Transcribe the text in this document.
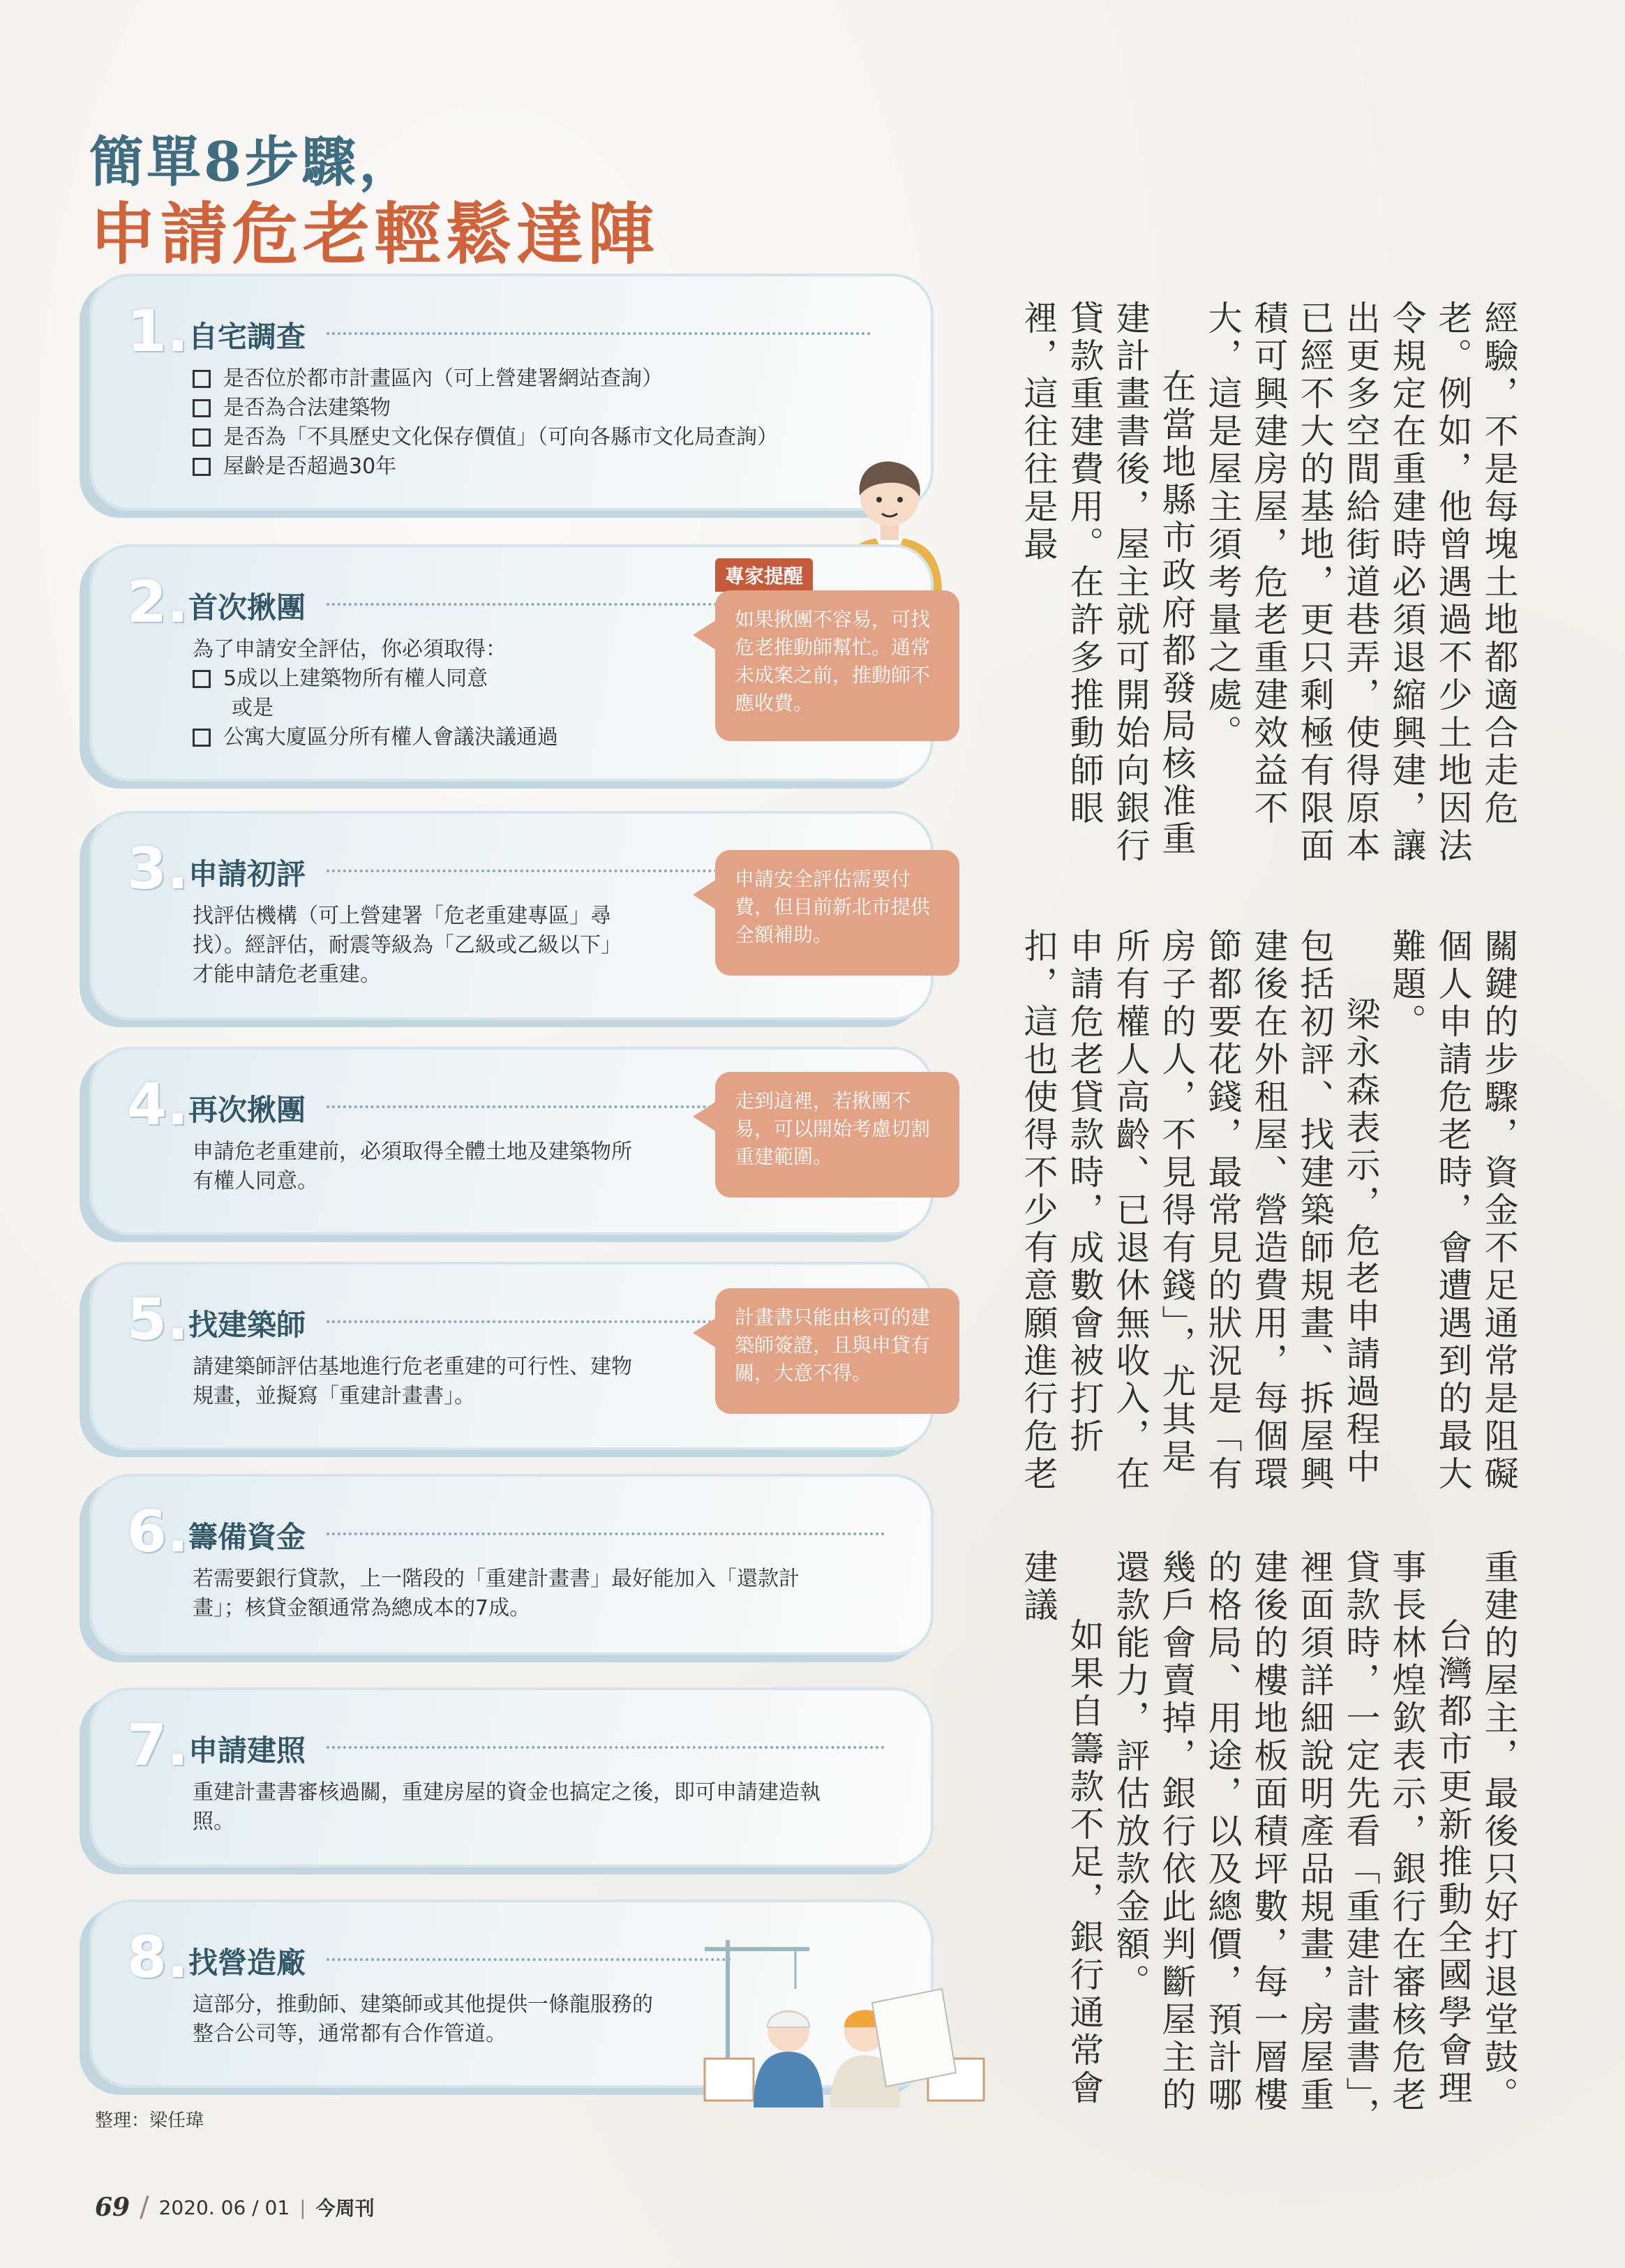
簡單8步驟，
申請危老輕鬆達陣
1. 自宅調查
是否位於都市計畫區內（可上營建署網站查詢）
是否為合法建築物
是否為「不具歷史文化保存價值」（可向各縣市文化局查詢）
屋齡是否超過30年
2. 首次揪團
為了申請安全評估，你必須取得：
5成以上建築物所有權人同意
或是
公寓大廈區分所有權人會議決議通過
專家提醒
如果揪團不容易，可找危老推動師幫忙。通常未成案之前，推動師不應收費。
3. 申請初評
找評估機構（可上營建署「危老重建專區」尋找）。經評估，耐震等級為「乙級或乙級以下」才能申請危老重建。
申請安全評估需要付費，但目前新北市提供全額補助。
4. 再次揪團
申請危老重建前，必須取得全體土地及建築物所有權人同意。
走到這裡，若揪團不易，可以開始考慮切割重建範圍。
5. 找建築師
請建築師評估基地進行危老重建的可行性、建物規畫，並擬寫「重建計畫書」。
計畫書只能由核可的建築師簽證，且與申貸有關，大意不得。
6. 籌備資金
若需要銀行貸款，上一階段的「重建計畫書」最好能加入「還款計畫」；核貸金額通常為總成本的7成。
7. 申請建照
重建計畫書審核過關，重建房屋的資金也搞定之後，即可申請建造執照。
8. 找營造廠
這部分，推動師、建築師或其他提供一條龍服務的整合公司等，通常都有合作管道。
整理：梁任瑋
69 / 2020. 06 / 01 | 今周刊

經驗，不是每塊土地都適合走危老。例如，他曾遇過不少土地因法令規定在重建時必須退縮興建，讓出更多空間給街道巷弄，使得原本已經不大的基地，更只剩極有限面積可興建房屋，危老重建效益不大，這是屋主須考量之處。

在當地縣市政府都發局核准重建計畫書後，屋主就可開始向銀行貸款重建費用。在許多推動師眼裡，這往往是最

關鍵的步驟，資金不足通常是阻礙個人申請危老時，會遭遇到的最大難題。

梁永森表示，危老申請過程中包括初評、找建築師規畫、拆屋興建後在外租屋、營造費用，每個環節都要花錢，最常見的狀況是「有房子的人，不見得有錢」，尤其是所有權人高齡、已退休無收入，在申請危老貸款時，成數會被打折扣，這也使得不少有意願進行危老

重建的屋主，最後只好打退堂鼓。

台灣都市更新推動全國學會理事長林煌欽表示，銀行在審核危老貸款時，一定先看「重建計畫書」，裡面須詳細說明產品規畫，房屋重建後的樓地板面積坪數，每一層樓的格局、用途，以及總價，預計哪幾戶會賣掉，銀行依此判斷屋主的還款能力，評估放款金額。

如果自籌款不足，銀行通常會建議
